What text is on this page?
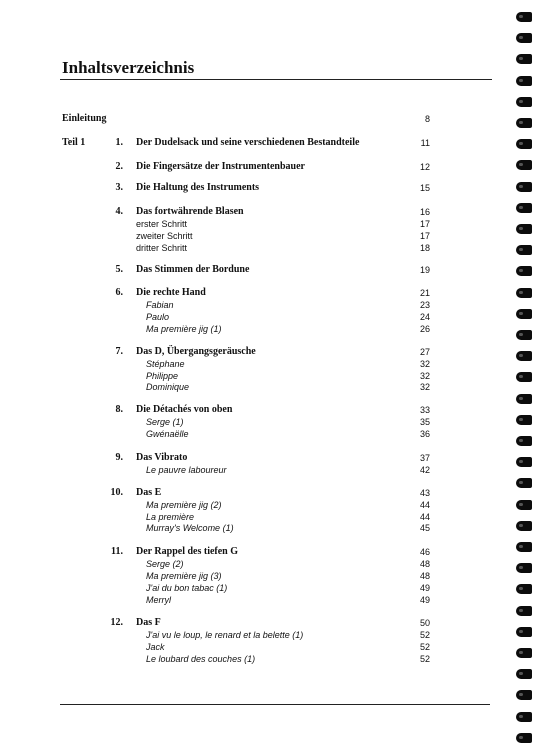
Inhaltsverzeichnis
Einleitung	8
Teil 1	1. Der Dudelsack und seine verschiedenen Bestandteile	11
2. Die Fingersätze der Instrumentenbauer	12
3. Die Haltung des Instruments	15
4. Das fortwährende Blasen	16
erster Schritt	17
zweiter Schritt	17
dritter Schritt	18
5. Das Stimmen der Bordune	19
6. Die rechte Hand	21
Fabian	23
Paulo	24
Ma première jig (1)	26
7. Das D, Übergangsgeräusche	27
Stéphane	32
Philippe	32
Dominique	32
8. Die Détachés von oben	33
Serge (1)	35
Gwénaëlle	36
9. Das Vibrato	37
Le pauvre laboureur	42
10. Das E	43
Ma première jig (2)	44
La première	44
Murray's Welcome (1)	45
11. Der Rappel des tiefen G	46
Serge (2)	48
Ma première jig (3)	48
J'ai du bon tabac (1)	49
Merryl	49
12. Das F	50
J'ai vu le loup, le renard et la belette (1)	52
Jack	52
Le loubard des couches (1)	52
